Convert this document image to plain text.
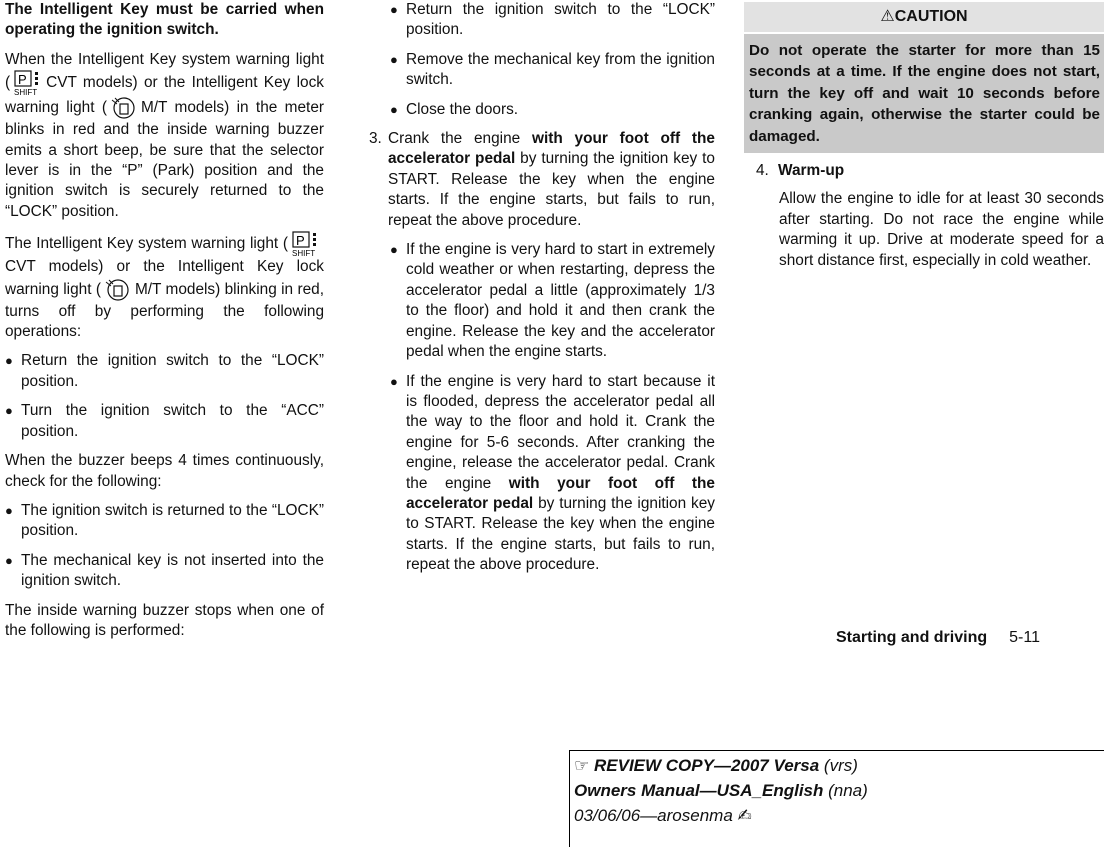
The Intelligent Key must be carried when operating the ignition switch.

When the Intelligent Key system warning light ( P
SHIFT
CVT models) or the Intelligent Key lock warning light ( M/T models) in the meter blinks in red and the inside warning buzzer emits a short beep, be sure that the selector lever is in the “P” (Park) position and the ignition switch is securely returned to the “LOCK” position.

The Intelligent Key system warning light ( P
SHIFT
CVT models) or the Intelligent Key lock warning light ( M/T models) blinking in red, turns off by performing the following operations:

● Return the ignition switch to the “LOCK” position.
● Turn the ignition switch to the “ACC” position.

When the buzzer beeps 4 times continuously, check for the following:

● The ignition switch is returned to the “LOCK” position.
● The mechanical key is not inserted into the ignition switch.

The inside warning buzzer stops when one of the following is performed:

● Return the ignition switch to the “LOCK” position.
● Remove the mechanical key from the ignition switch.
● Close the doors.
3. Crank the engine with your foot off the accelerator pedal by turning the ignition key to START. Release the key when the engine starts. If the engine starts, but fails to run, repeat the above procedure.
● If the engine is very hard to start in extremely cold weather or when restarting, depress the accelerator pedal a little (approximately 1/3 to the floor) and hold it and then crank the engine. Release the key and the accelerator pedal when the engine starts.
● If the engine is very hard to start because it is flooded, depress the accelerator pedal all the way to the floor and hold it. Crank the engine for 5-6 seconds. After cranking the engine, release the accelerator pedal. Crank the engine with your foot off the accelerator pedal by turning the ignition key to START. Release the key when the engine starts. If the engine starts, but fails to run, repeat the above procedure.
⚠CAUTION
Do not operate the starter for more than 15 seconds at a time. If the engine does not start, turn the key off and wait 10 seconds before cranking again, otherwise the starter could be damaged.
4. Warm-up

Allow the engine to idle for at least 30 seconds after starting. Do not race the engine while warming it up. Drive at moderate speed for a short distance first, especially in cold weather.

Starting and driving 5-11
☞ REVIEW COPY—2007 Versa (vrs)
Owners Manual—USA_English (nna)
03/06/06—arosenma ✍
